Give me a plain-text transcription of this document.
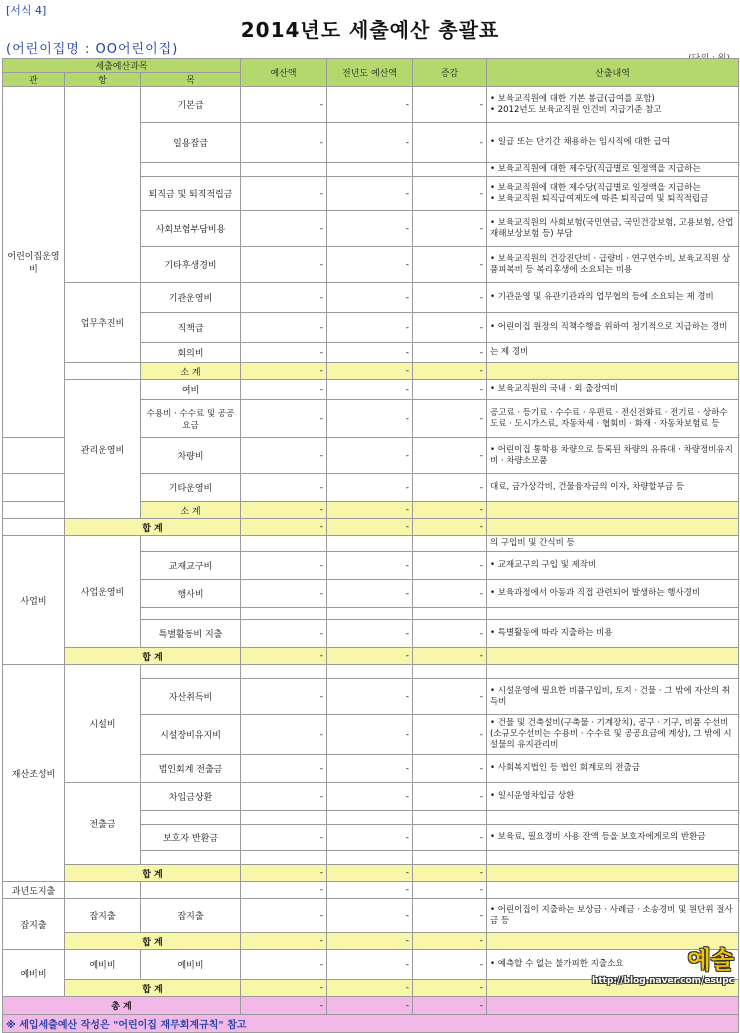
[서식 4]
2014년도 세출예산 총괄표
(어린이집명 : OO어린이집)
세출예산과목			예산액	전년도 예산액	증감	산출내역
관	항	목				
어린이집운영비		기본급	-	-	-	• 보육교직원에 대한 기본 봉급(급여를 포함)
• 2012년도 보육교직원 인건비 지급기준 참고
		일용잡급	-	-	-	• 일급 또는 단기간 채용하는 임시직에 대한 급여
						• 보육교직원에 대한 제수당(직급별로 일정액을 지급하는
		퇴직금 및 퇴직적립금	-	-	-	• 보육교직원에 대한 제수당(직급별로 일정액을 지급하는
• 보육교직원 퇴직급여제도에 따른 퇴직급여 및 퇴직적립금
		사회보험부담비용	-	-	-	• 보육교직원의 사회보험(국민연금, 국민건강보험, 고용보험, 산업재해보상보험 등) 부담
		기타후생경비	-	-	-	• 보육교직원의 건강진단비 · 급량비 · 연구연수비, 보육교직원 상품피복비 등 복리후생에 소요되는 비용
	업무추진비	기관운영비	-	-	-	• 기관운영 및 유관기관과의 업무협의 등에 소요되는 제 경비
		직책급	-	-	-	• 어린이집 원장의 직책수행을 위하여 정기적으로 지급하는 경비
		회의비	-	-	-	는 제 경비
		소 계	-	-	-	
	관리운영비	여비	-	-	-	• 보육교직원의 국내 · 외 출장여비
		수용비 · 수수료 및 공공요금	-	-	-	공고료 · 등기료 · 수수료 · 우편료 · 전신전화료 · 전기료 · 상하수도료 · 도시가스료, 자동차세 · 협회비 · 화재 · 자동차보험료 등
		차량비	-	-	-	• 어린이집 통학용 차량으로 등록된 차량의 유류대 · 차량정비유지비 · 차량소모품
		기타운영비	-	-	-	대료, 금가상각비, 건물융자금의 이자, 차량할부금 등
		소 계	-	-	-	
	합 계		-	-	-	
사업비	사업운영비					의 구입비 및 간식비 등
		교재교구비	-	-	-	• 교재교구의 구입 및 제작비
		행사비	-	-	-	• 보육과정에서 아동과 직접 관련되어 발생하는 행사경비

		특별활동비 지출	-	-	-	• 특별활동에 따라 지출하는 비용
	합 계		-	-	-	
재산조성비	시설비					
		자산취득비	-	-	-	• 시설운영에 필요한 비품구입비, 토지 · 건물 · 그 밖에 자산의 취득비
		시설장비유지비	-	-	-	• 건물 및 건축설비(구축물 · 기계장치), 공구 · 기구, 비품 수선비(소규모수선비는 수용비 · 수수료 및 공공요금에 계상), 그 밖에 시설물의 유지관리비
		법인회계 전출금	-	-	-	• 사회복지법인 등 법인 회계로의 전출금
	전출금	차입금상환	-	-	-	• 일시운영차입금 상환

		보호자 반환금	-	-	-	• 보육료, 필요경비 사용 잔액 등을 보호자에게로의 반환금

	합 계		-	-	-	
과년도지출			-	-	-	
잡지출	잡지출	잡지출	-	-	-	• 어린이집이 지출하는 보상금 · 사례금 · 소송경비 및 원단위 절사금 등
	합 계		-	-	-	
예비비	예비비	예비비	-	-	-	• 예측할 수 없는 불가피한 지출소요
	합 계		-	-	-	
총 계			-	-	-	
※ 세입세출예산 작성은 "어린이집 재무회계규칙" 참고						
예솔
http://blog.naver.com/esupc
